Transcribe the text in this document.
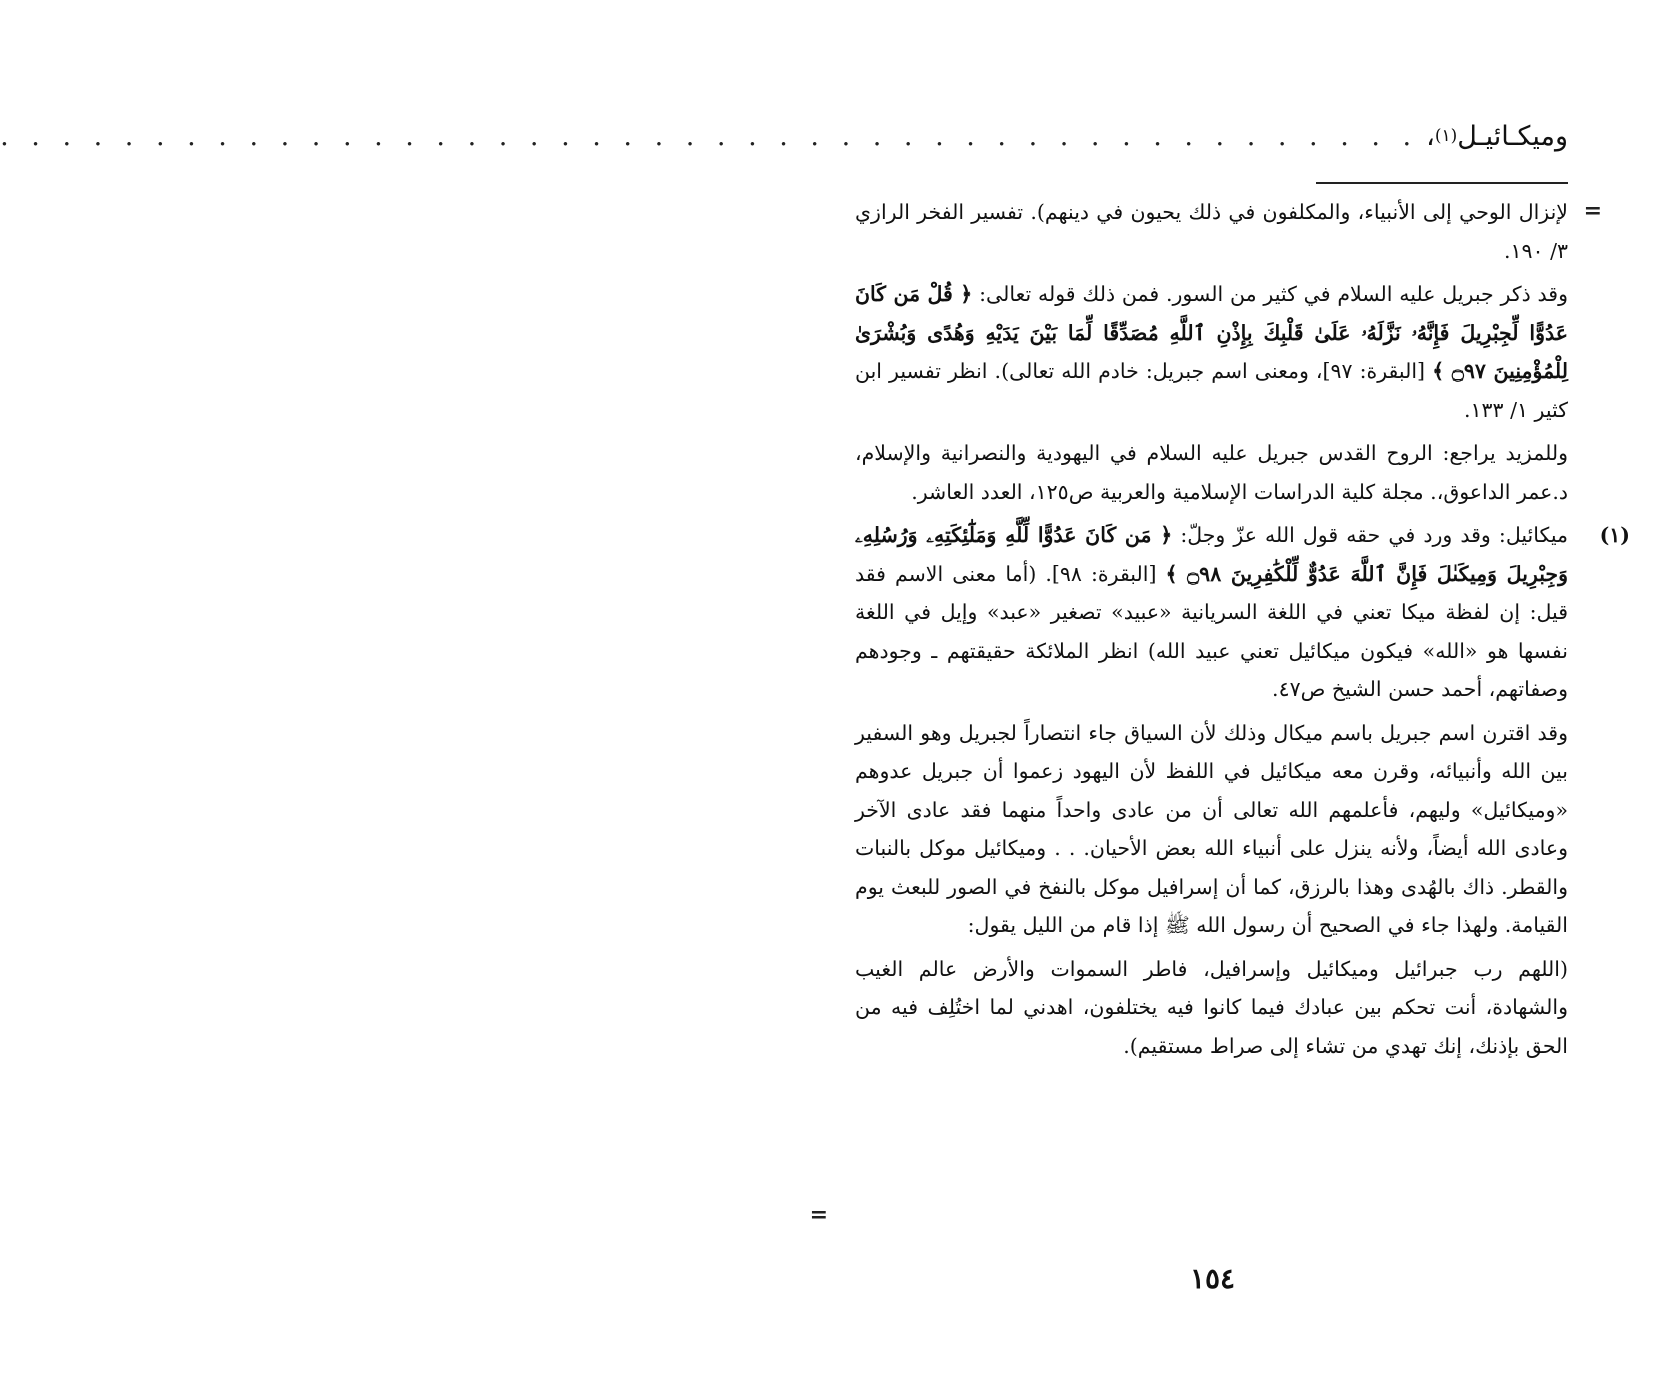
وميكـائيـل
(١)
،
. . . . . . . . . . . . . . . . . . . . . . . . . . . . . . . . . . . . . . . . . . . . . .
=

لإنزال الوحي إلى الأنبياء، والمكلفون في ذلك يحيون في دينهم). تفسير الفخر الرازي ٣/ ١٩٠.

وقد ذكر جبريل عليه السلام في كثير من السور. فمن ذلك قوله تعالى: ﴿ قُلْ مَن كَانَ عَدُوًّا لِّجِبْرِيلَ فَإِنَّهُۥ نَزَّلَهُۥ عَلَىٰ قَلْبِكَ بِإِذْنِ ٱللَّهِ مُصَدِّقًا لِّمَا بَيْنَ يَدَيْهِ وَهُدًى وَبُشْرَىٰ لِلْمُؤْمِنِينَ ۝٩٧ ﴾ [البقرة: ٩٧]، ومعنى اسم جبريل: خادم الله تعالى). انظر تفسير ابن كثير ١/ ١٣٣.

وللمزيد يراجع: الروح القدس جبريل عليه السلام في اليهودية والنصرانية والإسلام، د.عمر الداعوق،. مجلة كلية الدراسات الإسلامية والعربية ص١٢٥، العدد العاشر.

(١)
ميكائيل: وقد ورد في حقه قول الله عزّ وجلّ: ﴿ مَن كَانَ عَدُوًّا لِّلَّهِ وَمَلَٰٓئِكَتِهِۦ وَرُسُلِهِۦ وَجِبْرِيلَ وَمِيكَىٰلَ فَإِنَّ ٱللَّهَ عَدُوٌّ لِّلْكَٰفِرِينَ ۝٩٨ ﴾ [البقرة: ٩٨]. (أما معنى الاسم فقد قيل: إن لفظة ميكا تعني في اللغة السريانية «عبيد» تصغير «عبد» وإيل في اللغة نفسها هو «الله» فيكون ميكائيل تعني عبيد الله) انظر الملائكة حقيقتهم ـ وجودهم وصفاتهم، أحمد حسن الشيخ ص٤٧.

وقد اقترن اسم جبريل باسم ميكال وذلك لأن السياق جاء انتصاراً لجبريل وهو السفير بين الله وأنبيائه، وقرن معه ميكائيل في اللفظ لأن اليهود زعموا أن جبريل عدوهم «وميكائيل» وليهم، فأعلمهم الله تعالى أن من عادى واحداً منهما فقد عادى الآخر وعادى الله أيضاً، ولأنه ينزل على أنبياء الله بعض الأحيان. . . وميكائيل موكل بالنبات والقطر. ذاك بالهُدى وهذا بالرزق، كما أن إسرافيل موكل بالنفخ في الصور للبعث يوم القيامة. ولهذا جاء في الصحيح أن رسول الله ﷺ إذا قام من الليل يقول:

(اللهم رب جبرائيل وميكائيل وإسرافيل، فاطر السموات والأرض عالم الغيب والشهادة، أنت تحكم بين عبادك فيما كانوا فيه يختلفون، اهدني لما اختُلِف فيه من الحق بإذنك، إنك تهدي من تشاء إلى صراط مستقيم).

=
١٥٤
